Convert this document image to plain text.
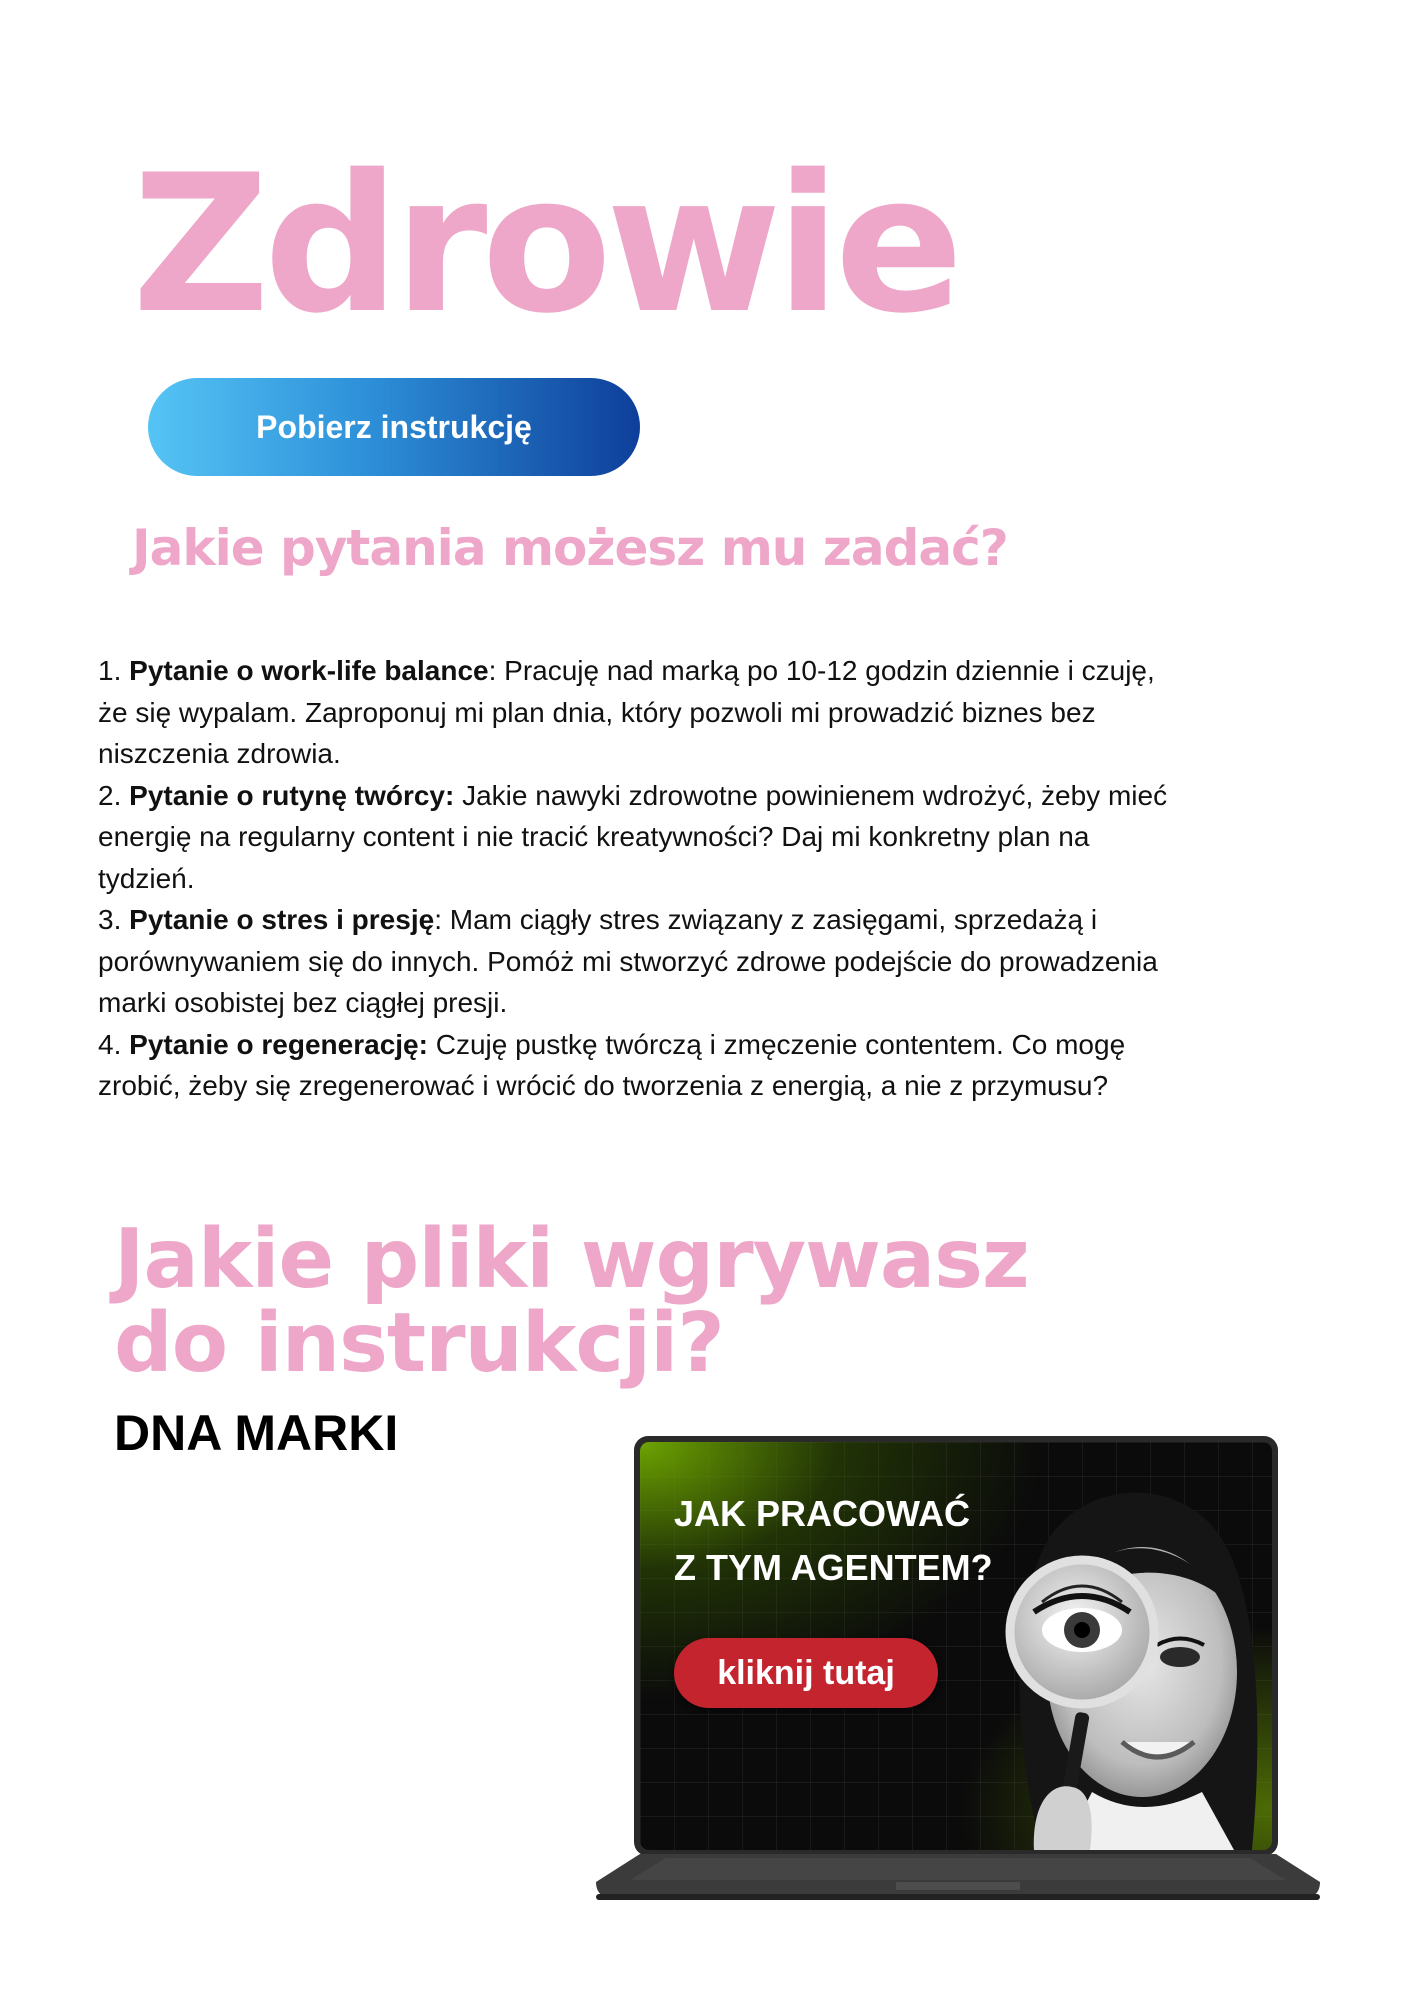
Zdrowie
Pobierz instrukcję
Jakie pytania możesz mu zadać?

1. Pytanie o work-life balance: Pracuję nad marką po 10-12 godzin dziennie i czuję, że się wypalam. Zaproponuj mi plan dnia, który pozwoli mi prowadzić biznes bez niszczenia zdrowia.

2. Pytanie o rutynę twórcy: Jakie nawyki zdrowotne powinienem wdrożyć, żeby mieć energię na regularny content i nie tracić kreatywności? Daj mi konkretny plan na tydzień.

3. Pytanie o stres i presję: Mam ciągły stres związany z zasięgami, sprzedażą i porównywaniem się do innych. Pomóż mi stworzyć zdrowe podejście do prowadzenia marki osobistej bez ciągłej presji.

4. Pytanie o regenerację: Czuję pustkę twórczą i zmęczenie contentem. Co mogę zrobić, żeby się zregenerować i wrócić do tworzenia z energią, a nie z przymusu?

Jakie pliki wgrywasz do instrukcji?
DNA MARKI

JAK PRACOWAĆ

Z TYM AGENTEM?

kliknij tutaj
